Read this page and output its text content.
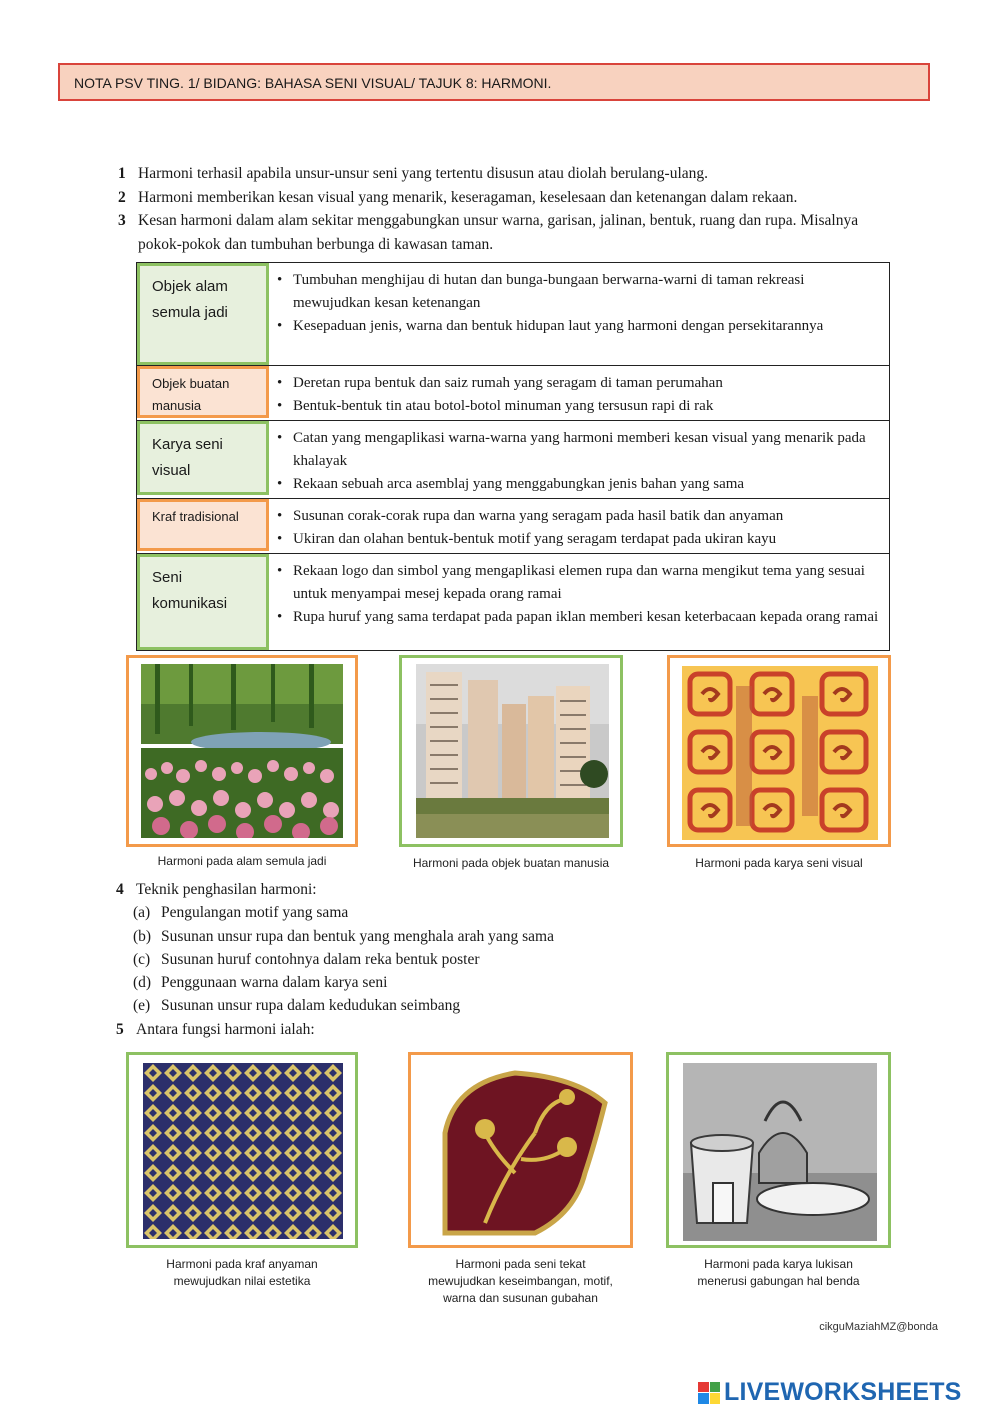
NOTA PSV TING. 1/ BIDANG: BAHASA SENI VISUAL/ TAJUK 8: HARMONI.
1 Harmoni terhasil apabila unsur-unsur seni yang tertentu disusun atau diolah berulang-ulang.
2 Harmoni memberikan kesan visual yang menarik, keseragaman, keselesaan dan ketenangan dalam rekaan.
3 Kesan harmoni dalam alam sekitar menggabungkan unsur warna, garisan, jalinan, bentuk, ruang dan rupa. Misalnya pokok-pokok dan tumbuhan berbunga di kawasan taman.
Objek alam semula jadi
• Tumbuhan menghijau di hutan dan bunga-bungaan berwarna-warni di taman rekreasi mewujudkan kesan ketenangan
• Kesepaduan jenis, warna dan bentuk hidupan laut yang harmoni dengan persekitarannya
Objek buatan manusia
• Deretan rupa bentuk dan saiz rumah yang seragam di taman perumahan
• Bentuk-bentuk tin atau botol-botol minuman yang tersusun rapi di rak
Karya seni visual
• Catan yang mengaplikasi warna-warna yang harmoni memberi kesan visual yang menarik pada khalayak
• Rekaan sebuah arca asemblaj yang menggabungkan jenis bahan yang sama
Kraf tradisional	• Susunan corak-corak rupa dan warna yang seragam pada hasil batik dan anyaman
• Ukiran dan olahan bentuk-bentuk motif yang seragam terdapat pada ukiran kayu
Seni komunikasi
• Rekaan logo dan simbol yang mengaplikasi elemen rupa dan warna mengikut tema yang sesuai untuk menyampai mesej kepada orang ramai
• Rupa huruf yang sama terdapat pada papan iklan memberi kesan keterbacaan kepada orang ramai
Harmoni pada alam semula jadi	Harmoni pada objek buatan manusia	Harmoni pada karya seni visual
4 Teknik penghasilan harmoni:
(a) Pengulangan motif yang sama
(b) Susunan unsur rupa dan bentuk yang menghala arah yang sama
(c) Susunan huruf contohnya dalam reka bentuk poster
(d) Penggunaan warna dalam karya seni
(e) Susunan unsur rupa dalam kedudukan seimbang
5 Antara fungsi harmoni ialah:
Harmoni pada kraf anyaman
mewujudkan nilai estetika
Harmoni pada seni tekat
mewujudkan keseimbangan, motif,
warna dan susunan gubahan
Harmoni pada karya lukisan
menerusi gabungan hal benda
cikguMaziahMZ@bonda
LIVEWORKSHEETS
